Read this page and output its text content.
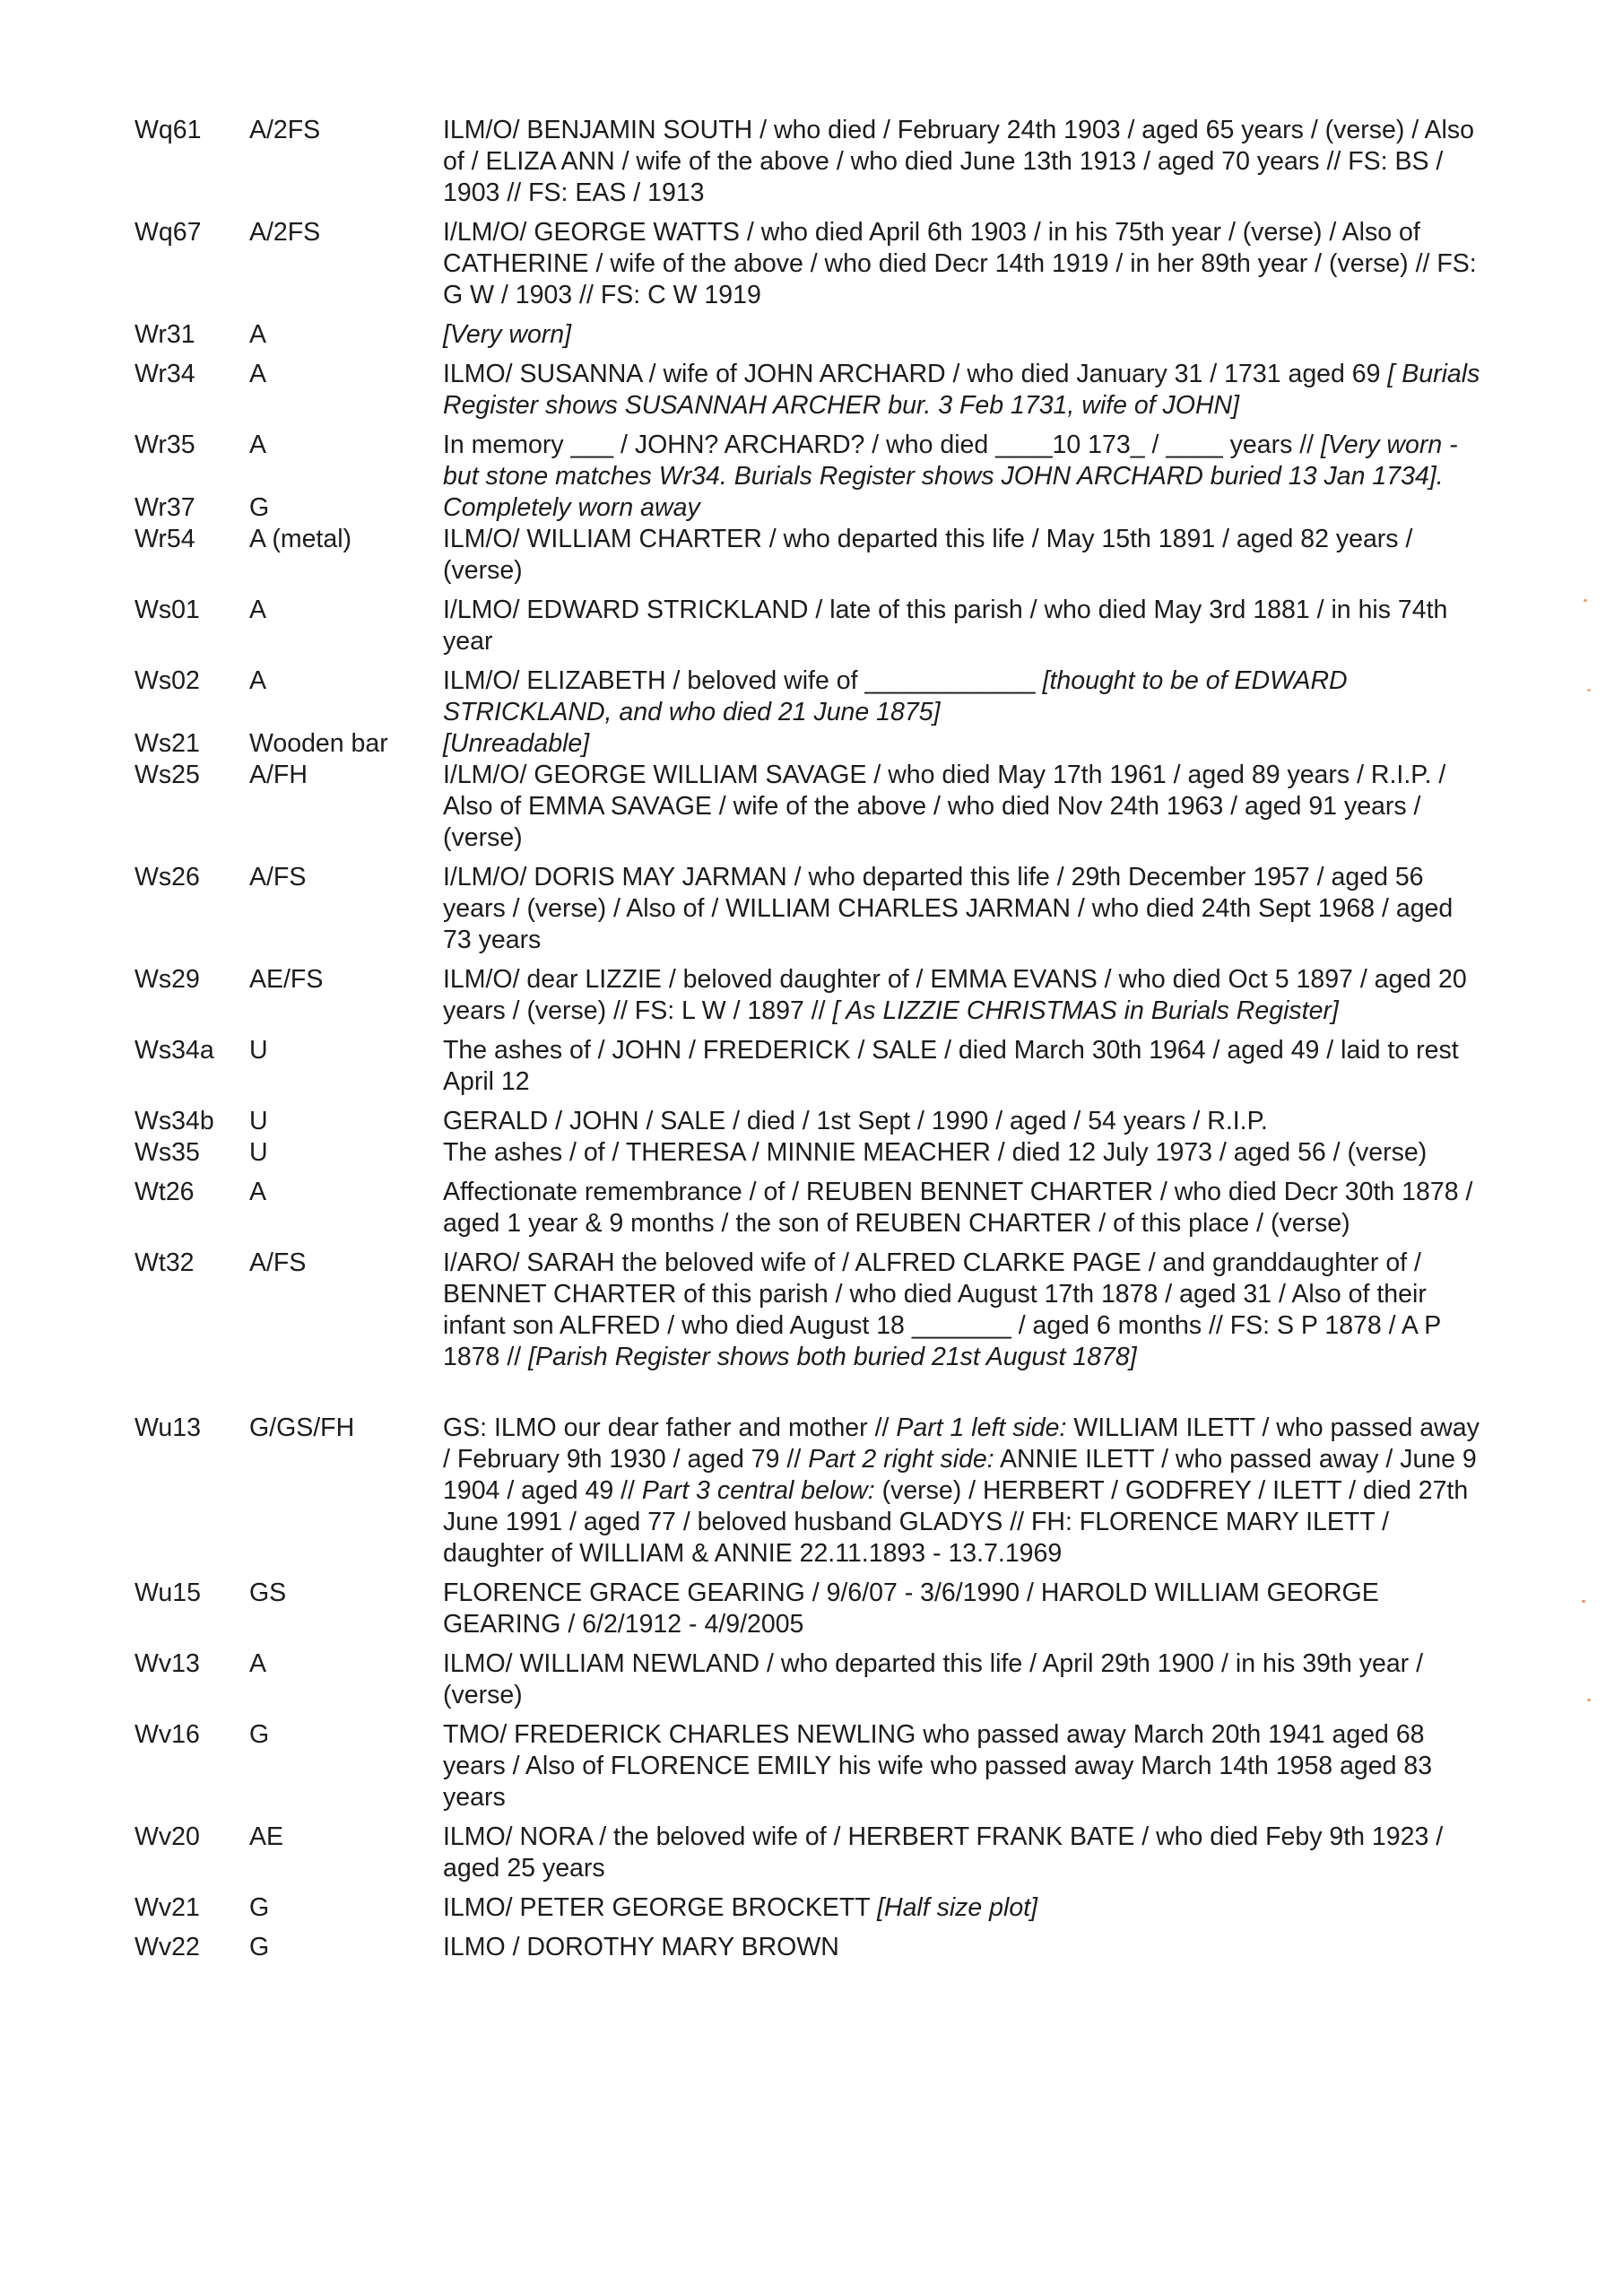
Wq61	A/2FS	ILM/O/ BENJAMIN SOUTH / who died / February 24th 1903 / aged 65 years / (verse) / Also of / ELIZA ANN / wife of the above / who died June 13th 1913 / aged 70 years // FS: BS / 1903 // FS: EAS / 1913
Wq67	A/2FS	I/LM/O/ GEORGE WATTS / who died April 6th 1903 / in his 75th year / (verse) / Also of CATHERINE / wife of the above / who died Decr 14th 1919 / in her 89th year / (verse) // FS: G W / 1903 // FS: C W 1919
Wr31	A	[Very worn]
Wr34	A	ILMO/ SUSANNA / wife of JOHN ARCHARD / who died January 31 / 1731 aged 69 [ Burials Register shows SUSANNAH ARCHER bur. 3 Feb 1731, wife of JOHN]
Wr35	A	In memory ___ / JOHN? ARCHARD? / who died ____10 173_ / ____ years // [Very worn - but stone matches Wr34. Burials Register shows JOHN ARCHARD buried 13 Jan 1734].
Wr37	G	Completely worn away
Wr54	A (metal)	ILM/O/ WILLIAM CHARTER / who departed this life / May 15th 1891 / aged 82 years / (verse)
Ws01	A	I/LMO/ EDWARD STRICKLAND / late of this parish / who died May 3rd 1881 / in his 74th year
Ws02	A	ILM/O/ ELIZABETH / beloved wife of ____________ [thought to be of EDWARD STRICKLAND, and who died 21 June 1875]
Ws21	Wooden bar	[Unreadable]
Ws25	A/FH	I/LM/O/ GEORGE WILLIAM SAVAGE / who died May 17th 1961 / aged 89 years / R.I.P. / Also of EMMA SAVAGE / wife of the above / who died Nov 24th 1963 / aged 91 years / (verse)
Ws26	A/FS	I/LM/O/ DORIS MAY JARMAN / who departed this life / 29th December 1957 / aged 56 years / (verse) / Also of / WILLIAM CHARLES JARMAN / who died 24th Sept 1968 / aged 73 years
Ws29	AE/FS	ILM/O/ dear LIZZIE / beloved daughter of / EMMA EVANS / who died Oct 5 1897 / aged 20 years / (verse) // FS: L W / 1897 // [ As LIZZIE CHRISTMAS in Burials Register]
Ws34a	U	The ashes of / JOHN / FREDERICK / SALE / died March 30th 1964 / aged 49 / laid to rest April 12
Ws34b	U	GERALD / JOHN / SALE / died / 1st Sept / 1990 / aged / 54 years / R.I.P.
Ws35	U	The ashes / of / THERESA / MINNIE MEACHER / died 12 July 1973 / aged 56 / (verse)
Wt26	A	Affectionate remembrance / of / REUBEN BENNET CHARTER / who died Decr 30th 1878 / aged 1 year & 9 months / the son of REUBEN CHARTER / of this place / (verse)
Wt32	A/FS	I/ARO/ SARAH the beloved wife of / ALFRED CLARKE PAGE / and granddaughter of / BENNET CHARTER of this parish / who died August 17th 1878 / aged 31 / Also of their infant son ALFRED / who died August 18 _______ / aged 6 months // FS: S P 1878 / A P 1878 // [Parish Register shows both buried 21st August 1878]
Wu13	G/GS/FH	GS: ILMO our dear father and mother // Part 1 left side: WILLIAM ILETT / who passed away / February 9th 1930 / aged 79 // Part 2 right side: ANNIE ILETT / who passed away / June 9 1904 / aged 49 // Part 3 central below: (verse) / HERBERT / GODFREY / ILETT / died 27th June 1991 / aged 77 / beloved husband GLADYS // FH: FLORENCE MARY ILETT / daughter of WILLIAM & ANNIE 22.11.1893 - 13.7.1969
Wu15	GS	FLORENCE GRACE GEARING / 9/6/07 - 3/6/1990 / HAROLD WILLIAM GEORGE GEARING / 6/2/1912 - 4/9/2005
Wv13	A	ILMO/ WILLIAM NEWLAND / who departed this life / April 29th 1900 / in his 39th year / (verse)
Wv16	G	TMO/ FREDERICK CHARLES NEWLING who passed away March 20th 1941 aged 68 years / Also of FLORENCE EMILY his wife who passed away March 14th 1958 aged 83 years
Wv20	AE	ILMO/ NORA / the beloved wife of / HERBERT FRANK BATE / who died Feby 9th 1923 / aged 25 years
Wv21	G	ILMO/ PETER GEORGE BROCKETT [Half size plot]
Wv22	G	ILMO / DOROTHY MARY BROWN
